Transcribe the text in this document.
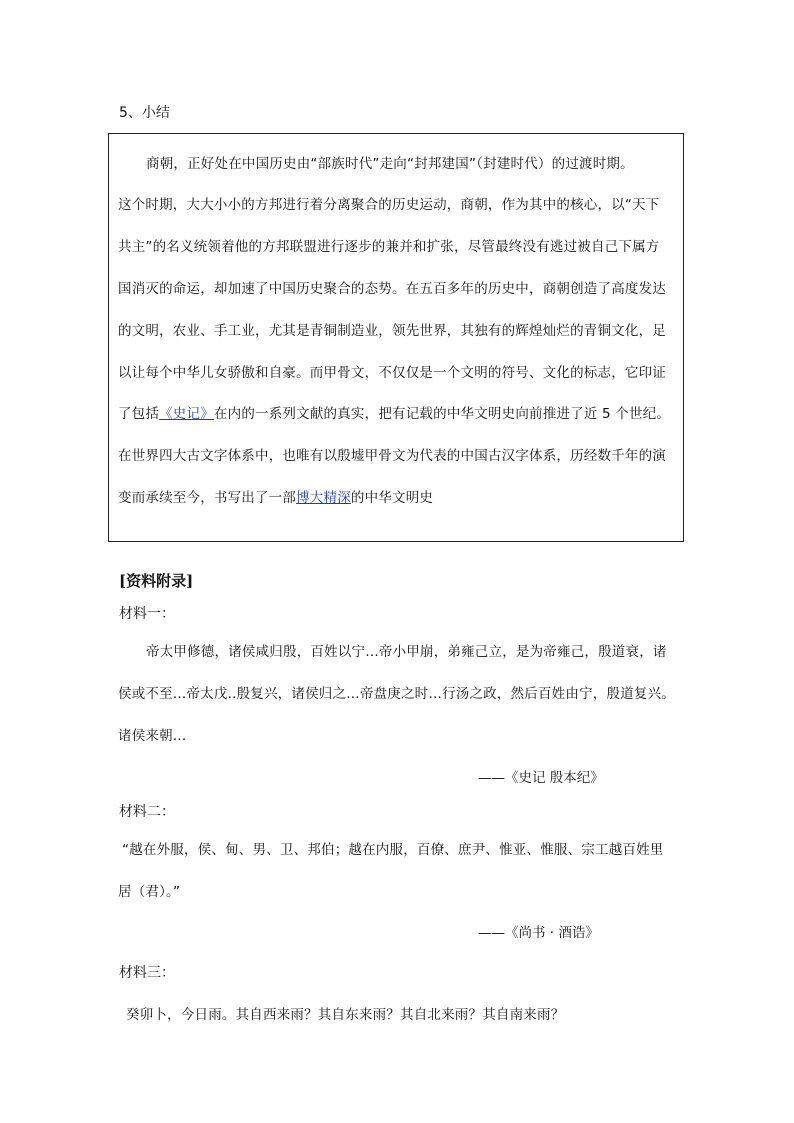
5、小结
商朝，正好处在中国历史由“部族时代”走向“封邦建国”（封建时代）的过渡时期。
这个时期，大大小小的方邦进行着分离聚合的历史运动，商朝，作为其中的核心，以“天下
共主”的名义统领着他的方邦联盟进行逐步的兼并和扩张，尽管最终没有逃过被自己下属方
国消灭的命运，却加速了中国历史聚合的态势。在五百多年的历史中，商朝创造了高度发达
的文明，农业、手工业，尤其是青铜制造业，领先世界，其独有的辉煌灿烂的青铜文化，足
以让每个中华儿女骄傲和自豪。而甲骨文，不仅仅是一个文明的符号、文化的标志，它印证
了包括《史记》在内的一系列文献的真实，把有记载的中华文明史向前推进了近 5 个世纪。
在世界四大古文字体系中，也唯有以殷墟甲骨文为代表的中国古汉字体系，历经数千年的演
变而承续至今，书写出了一部博大精深的中华文明史
[资料附录]
材料一：
帝太甲修德，诸侯咸归殷，百姓以宁…帝小甲崩，弟雍己立，是为帝雍己，殷道衰，诸
侯或不至…帝太戊..殷复兴，诸侯归之…帝盘庚之时…行汤之政，然后百姓由宁，殷道复兴。
诸侯来朝…
——《史记 殷本纪》
材料二：
“越在外服，侯、甸、男、卫、邦伯；越在内服，百僚、庶尹、惟亚、惟服、宗工越百姓里
居（君）。”
——《尚书 · 酒诰》
材料三：
癸卯卜，今日雨。其自西来雨？其自东来雨？其自北来雨？其自南来雨？
